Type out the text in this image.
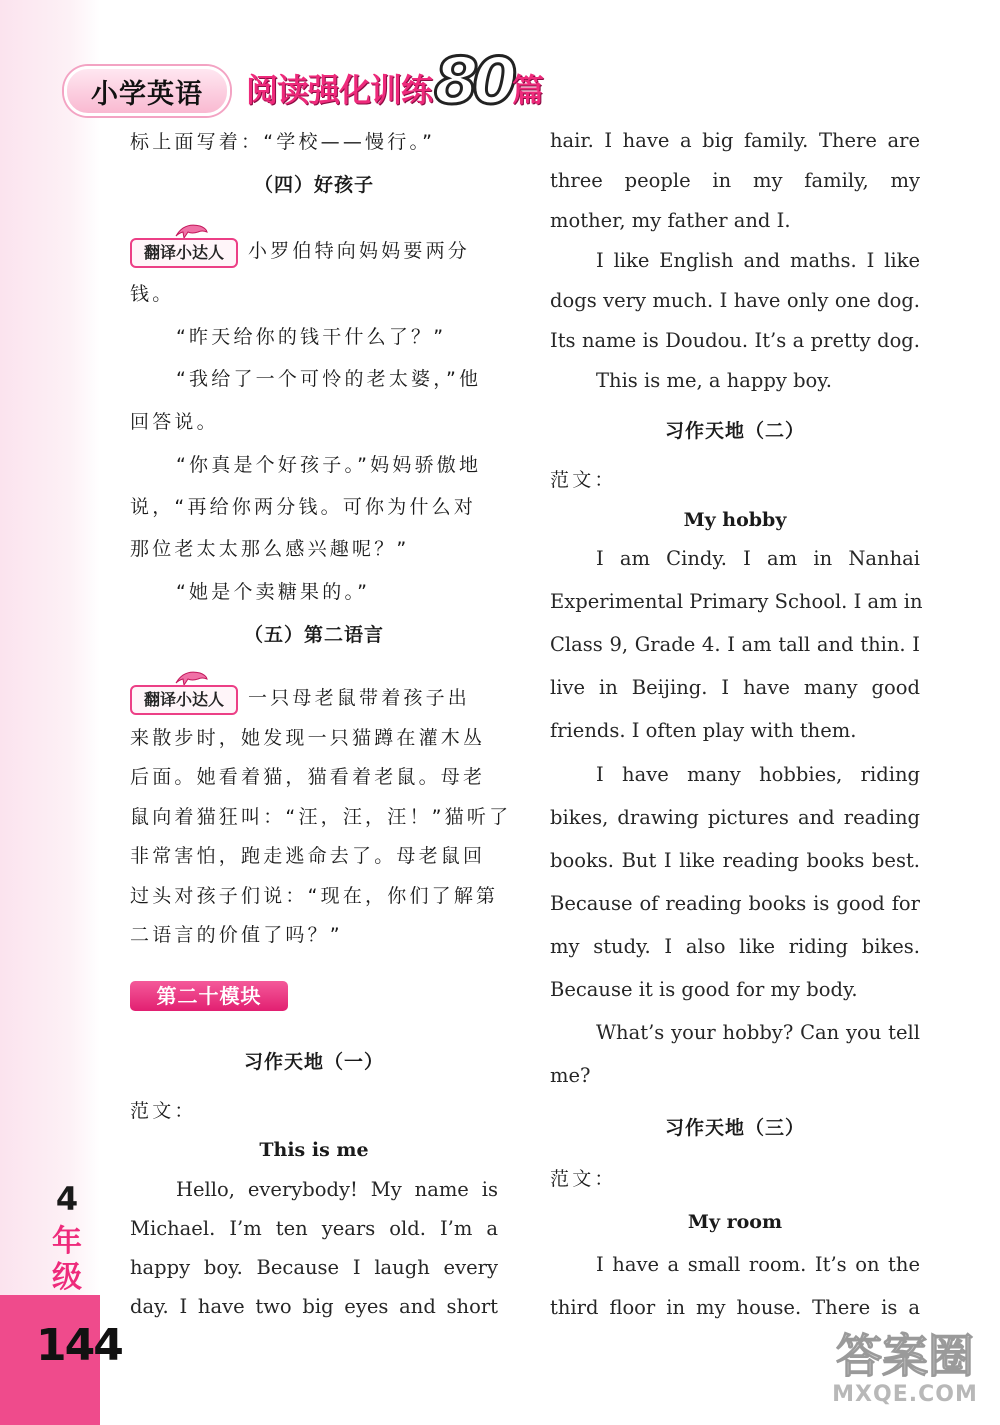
小学英语	阅读强化训练 80 篇
标上面写着：“学校——慢行。”
（四）好孩子
翻译小达人	小罗伯特向妈妈要两分
钱。
“昨天给你的钱干什么了？”
“我给了一个可怜的老太婆，”他
回答说。
“你真是个好孩子。”妈妈骄傲地
说，“再给你两分钱。可你为什么对
那位老太太那么感兴趣呢？”
“她是个卖糖果的。”
（五）第二语言
翻译小达人	一只母老鼠带着孩子出
来散步时，她发现一只猫蹲在灌木丛
后面。她看着猫，猫看着老鼠。母老
鼠向着猫狂叫：“汪，汪，汪！”猫听了
非常害怕，跑走逃命去了。母老鼠回
过头对孩子们说：“现在，你们了解第
二语言的价值了吗？”
第二十模块
习作天地（一）
范文：
This is me
Hello, everybody! My name is
Michael. I’m ten years old. I’m a
happy boy. Because I laugh every
day. I have two big eyes and short
hair. I have a big family. There are
three people in my family, my
mother, my father and I.
I like English and maths. I like
dogs very much. I have only one dog.
Its name is Doudou. It’s a pretty dog.
This is me, a happy boy.
习作天地（二）
范文：
My hobby
I am Cindy. I am in Nanhai
Experimental Primary School. I am in
Class 9, Grade 4. I am tall and thin. I
live in Beijing. I have many good
friends. I often play with them.
I have many hobbies, riding
bikes, drawing pictures and reading
books. But I like reading books best.
Because of reading books is good for
my study. I also like riding bikes.
Because it is good for my body.
What’s your hobby? Can you tell
me?
习作天地（三）
范文：
My room
I have a small room. It’s on the
third floor in my house. There is a
4
年
级
144	答案圈
MXQE.COM
